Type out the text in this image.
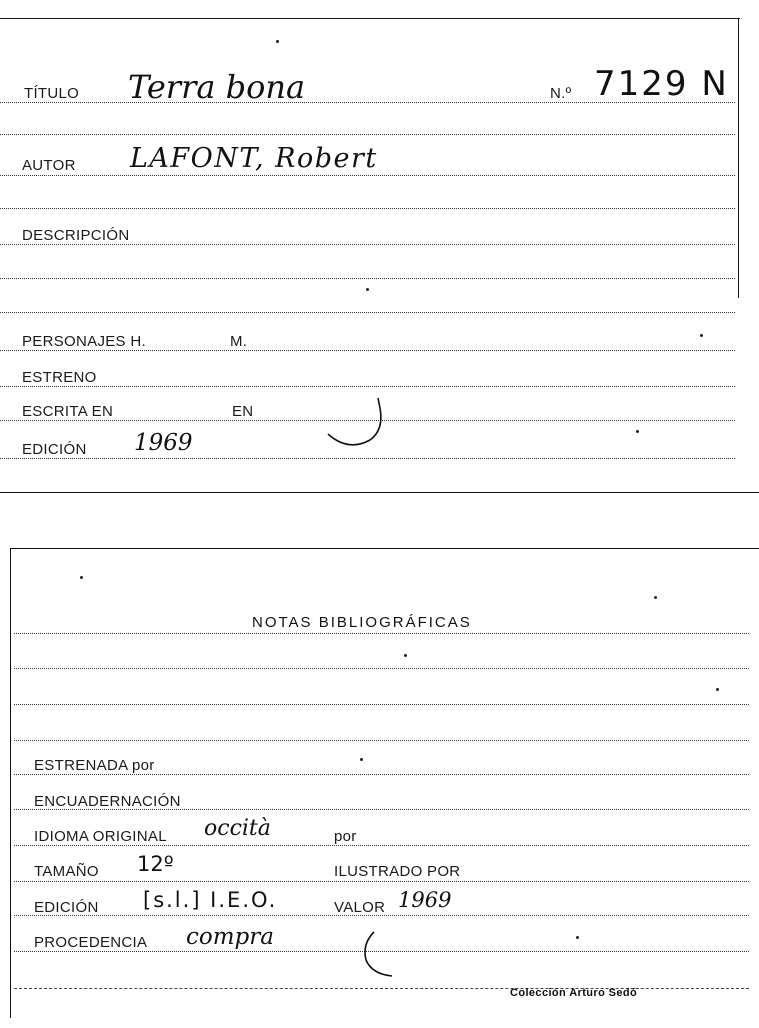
TÍTULO Terra bona	N.º 7129 N
AUTOR LAFONT, Robert
DESCRIPCIÓN
PERSONAJES H.	M.
ESTRENO
ESCRITA EN	EN
EDICIÓN 1969
NOTAS BIBLIOGRÁFICAS
ESTRENADA por
ENCUADERNACIÓN
IDIOMA ORIGINAL occità	por
TAMAÑO 12º	ILUSTRADO POR
EDICIÓN [s.l.] I.E.O.	VALOR 1969
PROCEDENCIA compra
Colección Arturo Sedó
